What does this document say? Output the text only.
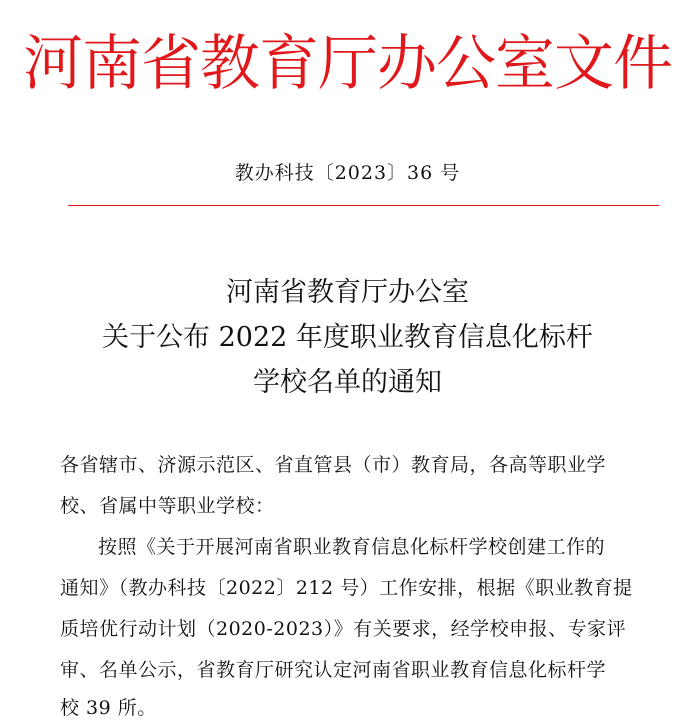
河南省教育厅办公室文件
教办科技〔2023〕36 号
河南省教育厅办公室
关于公布 2022 年度职业教育信息化标杆
学校名单的通知
各省辖市、济源示范区、省直管县（市）教育局，各高等职业学
校、省属中等职业学校：
按照《关于开展河南省职业教育信息化标杆学校创建工作的
通知》（教办科技〔2022〕212 号）工作安排，根据《职业教育提
质培优行动计划（2020-2023）》有关要求，经学校申报、专家评
审、名单公示，省教育厅研究认定河南省职业教育信息化标杆学
校 39 所。
